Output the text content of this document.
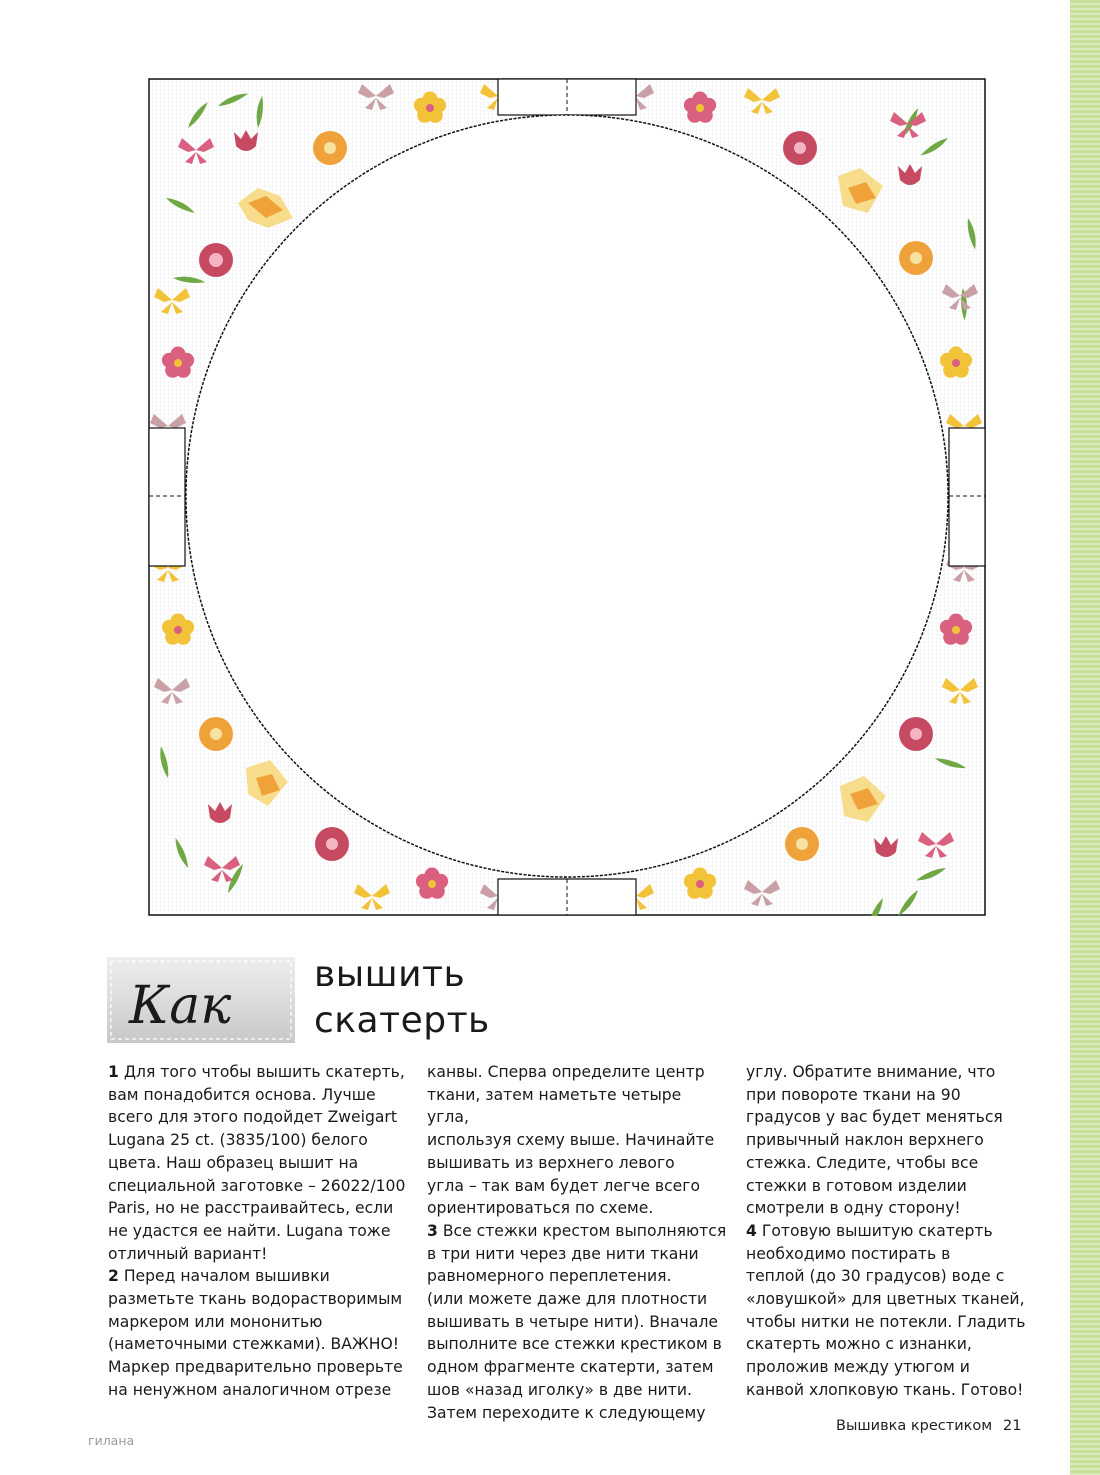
Как
вышить
скатерть

1 Для того чтобы вышить скатерть,
вам понадобится основа. Лучше
всего для этого подойдет Zweigart
Lugana 25 ct. (3835/100) белого
цвета. Наш образец вышит на
специальной заготовке – 26022/100
Paris, но не расстраивайтесь, если
не удастся ее найти. Lugana тоже
отличный вариант!

2 Перед началом вышивки
разметьте ткань водорастворимым
маркером или мононитью
(наметочными стежками). ВАЖНО!
Маркер предварительно проверьте
на ненужном аналогичном отрезе

канвы. Сперва определите центр
ткани, затем наметьте четыре угла,
используя схему выше. Начинайте
вышивать из верхнего левого
угла – так вам будет легче всего
ориентироваться по схеме.

3 Все стежки крестом выполняются
в три нити через две нити ткани
равномерного переплетения.
(или можете даже для плотности
вышивать в четыре нити). Вначале
выполните все стежки крестиком в
одном фрагменте скатерти, затем
шов «назад иголку» в две нити.
Затем переходите к следующему

углу. Обратите внимание, что
при повороте ткани на 90
градусов у вас будет меняться
привычный наклон верхнего
стежка. Следите, чтобы все
стежки в готовом изделии
смотрели в одну сторону!

4 Готовую вышитую скатерть
необходимо постирать в
теплой (до 30 градусов) воде с
«ловушкой» для цветных тканей,
чтобы нитки не потекли. Гладить
скатерть можно с изнанки,
проложив между утюгом и
канвой хлопковую ткань. Готово!

Вышивка крестиком 21
гилана
